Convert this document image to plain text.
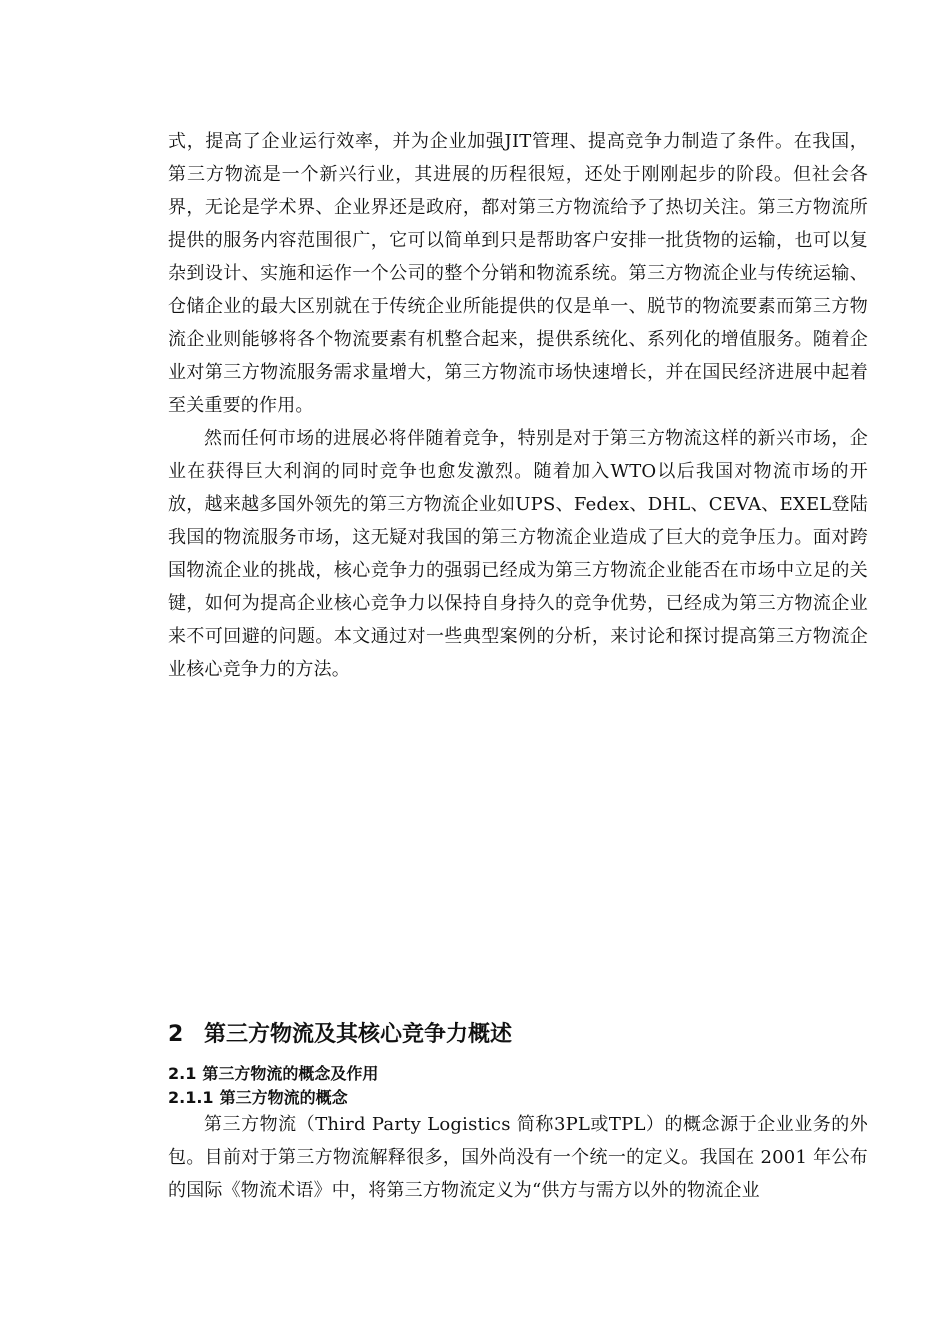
式，提高了企业运行效率，并为企业加强JIT管理、提高竞争力制造了条件。在我国，第三方物流是一个新兴行业，其进展的历程很短，还处于刚刚起步的阶段。但社会各界，无论是学术界、企业界还是政府，都对第三方物流给予了热切关注。第三方物流所提供的服务内容范围很广，它可以简单到只是帮助客户安排一批货物的运输，也可以复杂到设计、实施和运作一个公司的整个分销和物流系统。第三方物流企业与传统运输、仓储企业的最大区别就在于传统企业所能提供的仅是单一、脱节的物流要素而第三方物流企业则能够将各个物流要素有机整合起来，提供系统化、系列化的增值服务。随着企业对第三方物流服务需求量增大，第三方物流市场快速增长，并在国民经济进展中起着至关重要的作用。

然而任何市场的进展必将伴随着竞争，特别是对于第三方物流这样的新兴市场，企业在获得巨大利润的同时竞争也愈发激烈。随着加入WTO以后我国对物流市场的开放，越来越多国外领先的第三方物流企业如UPS、Fedex、DHL、CEVA、EXEL登陆我国的物流服务市场，这无疑对我国的第三方物流企业造成了巨大的竞争压力。面对跨国物流企业的挑战，核心竞争力的强弱已经成为第三方物流企业能否在市场中立足的关键，如何为提高企业核心竞争力以保持自身持久的竞争优势，已经成为第三方物流企业来不可回避的问题。本文通过对一些典型案例的分析，来讨论和探讨提高第三方物流企业核心竞争力的方法。

2 第三方物流及其核心竞争力概述
2.1 第三方物流的概念及作用
2.1.1 第三方物流的概念

第三方物流（Third Party Logistics 简称3PL或TPL）的概念源于企业业务的外包。目前对于第三方物流解释很多，国外尚没有一个统一的定义。我国在 2001 年公布的国际《物流术语》中，将第三方物流定义为“供方与需方以外的物流企业
